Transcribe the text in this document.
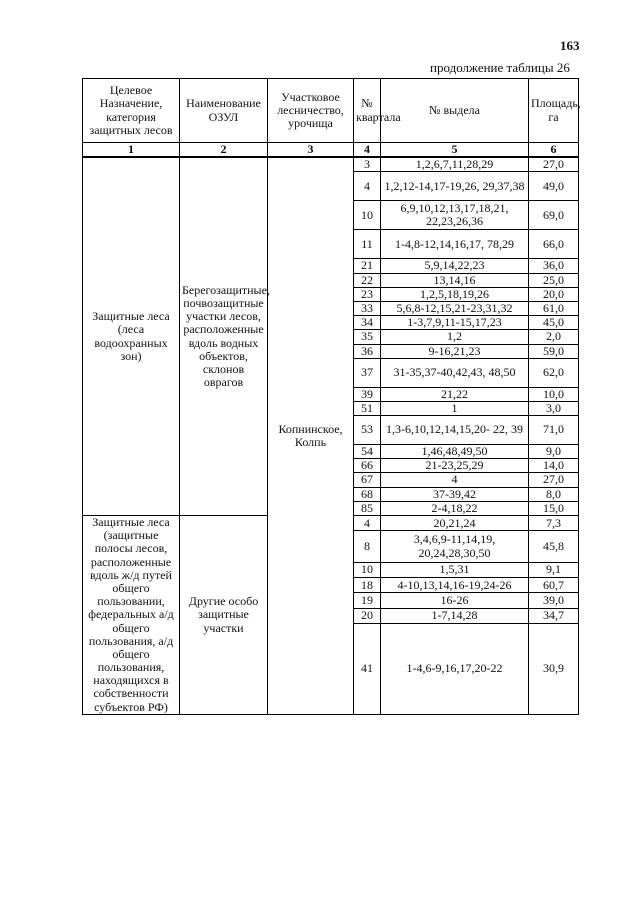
163
продолжение таблицы 26
Целевое Назначение, категория защитных лесов	Наименование ОЗУЛ	Участковое лесничество, урочища	№ квартала	№ выдела	Площадь, га
1	2	3	4	5	6
Защитные леса (леса водоохранных зон)	Берегозащитные, почвозащитные участки лесов, расположенные вдоль водных объектов, склонов оврагов	Копнинское, Колпь	3	1,2,6,7,11,28,29	27,0
			4	1,2,12-14,17-19,26, 29,37,38	49,0
			10	6,9,10,12,13,17,18,21, 22,23,26,36	69,0
			11	1-4,8-12,14,16,17, 78,29	66,0
			21	5,9,14,22,23	36,0
			22	13,14,16	25,0
			23	1,2,5,18,19,26	20,0
			33	5,6,8-12,15,21-23,31,32	61,0
			34	1-3,7,9,11-15,17,23	45,0
			35	1,2	2,0
			36	9-16,21,23	59,0
			37	31-35,37-40,42,43, 48,50	62,0
			39	21,22	10,0
			51	1	3,0
			53	1,3-6,10,12,14,15,20- 22, 39	71,0
			54	1,46,48,49,50	9,0
			66	21-23,25,29	14,0
			67	4	27,0
			68	37-39,42	8,0
			85	2-4,18,22	15,0
Защитные леса (защитные полосы лесов, расположенные вдоль ж/д путей общего пользовании, федеральных а/д общего пользования, а/д общего пользования, находящихся в собственности субъектов РФ)	Другие особо защитные участки		4	20,21,24	7,3
			8	3,4,6,9-11,14,19, 20,24,28,30,50	45,8
			10	1,5,31	9,1
			18	4-10,13,14,16-19,24-26	60,7
			19	16-26	39,0
			20	1-7,14,28	34,7
			41	1-4,6-9,16,17,20-22	30,9
